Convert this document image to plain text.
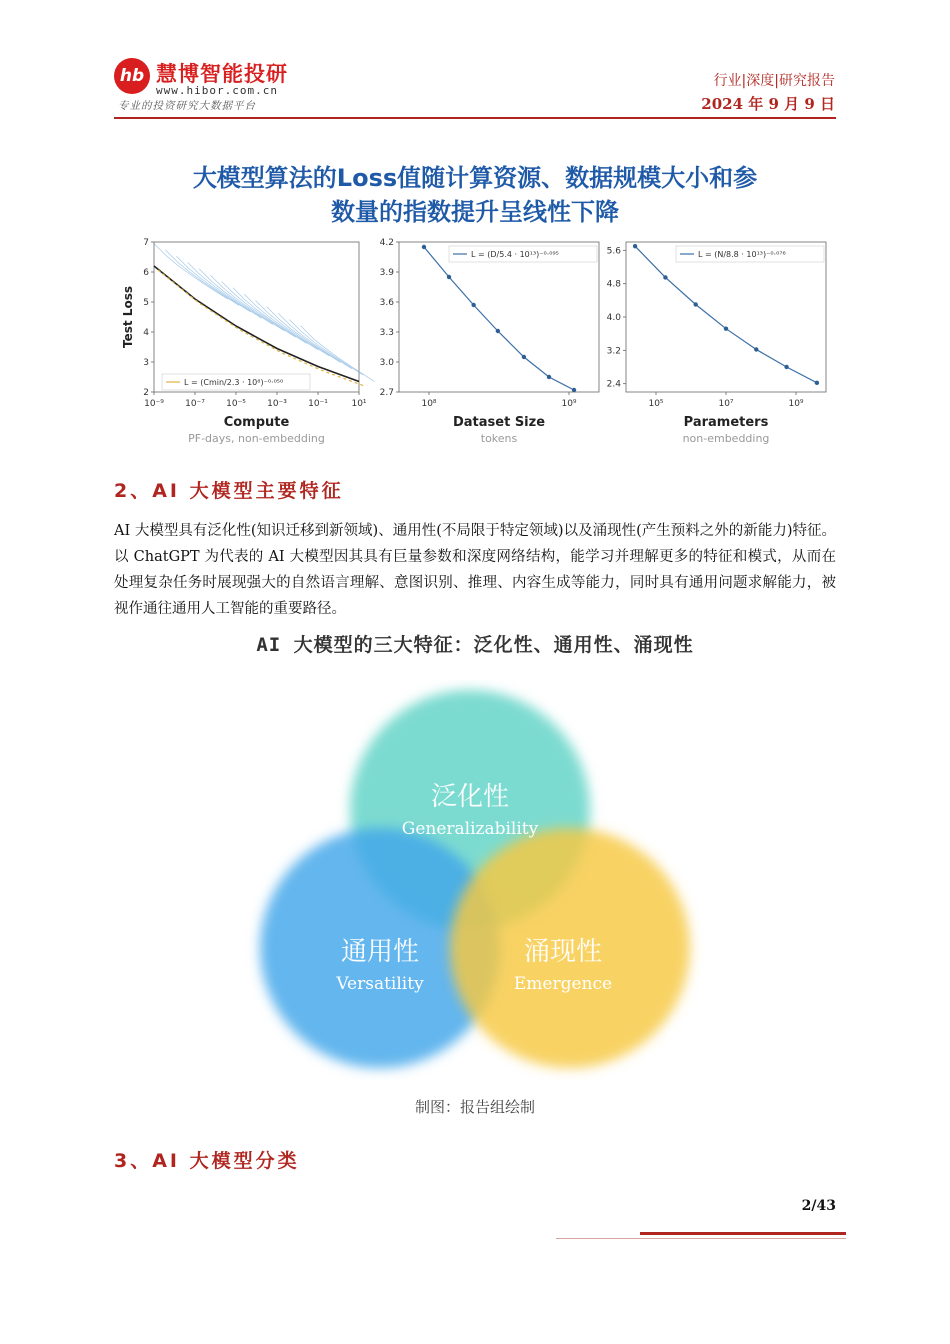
hb 慧博智能投研
www.hibor.com.cn
专业的投资研究大数据平台
行业|深度|研究报告
2024 年 9 月 9 日
大模型算法的Loss值随计算资源、数据规模大小和参
数量的指数提升呈线性下降
2
3
4
5
6
7
10⁻⁹ 10⁻⁷ 10⁻⁵ 10⁻³ 10⁻¹	10¹
L = (Cmin/2.3 · 10⁸)⁻⁰·⁰⁵⁰
Compute
PF-days, non-embedding
Test Loss
2.7
3.0
3.3
3.6
3.9
4.2
10⁸	10⁹
L = (D/5.4 · 10¹³)⁻⁰·⁰⁹⁵
Dataset Size
tokens
2.4
3.2
4.0
4.8
5.6
10⁵	10⁷	10⁹
L = (N/8.8 · 10¹³)⁻⁰·⁰⁷⁶
Parameters
non-embedding
2、AI 大模型主要特征
AI 大模型具有泛化性(知识迁移到新领域)、通用性(不局限于特定领域)以及涌现性(产生预料之外的新能力)特征。以 ChatGPT 为代表的 AI 大模型因其具有巨量参数和深度网络结构，能学习并理解更多的特征和模式，从而在处理复杂任务时展现强大的自然语言理解、意图识别、推理、内容生成等能力，同时具有通用问题求解能力，被视作通往通用人工智能的重要路径。
AI 大模型的三大特征：泛化性、通用性、涌现性
泛化性
Generalizability
通用性
Versatility
涌现性
Emergence
制图：报告组绘制
3、AI 大模型分类
2/43
